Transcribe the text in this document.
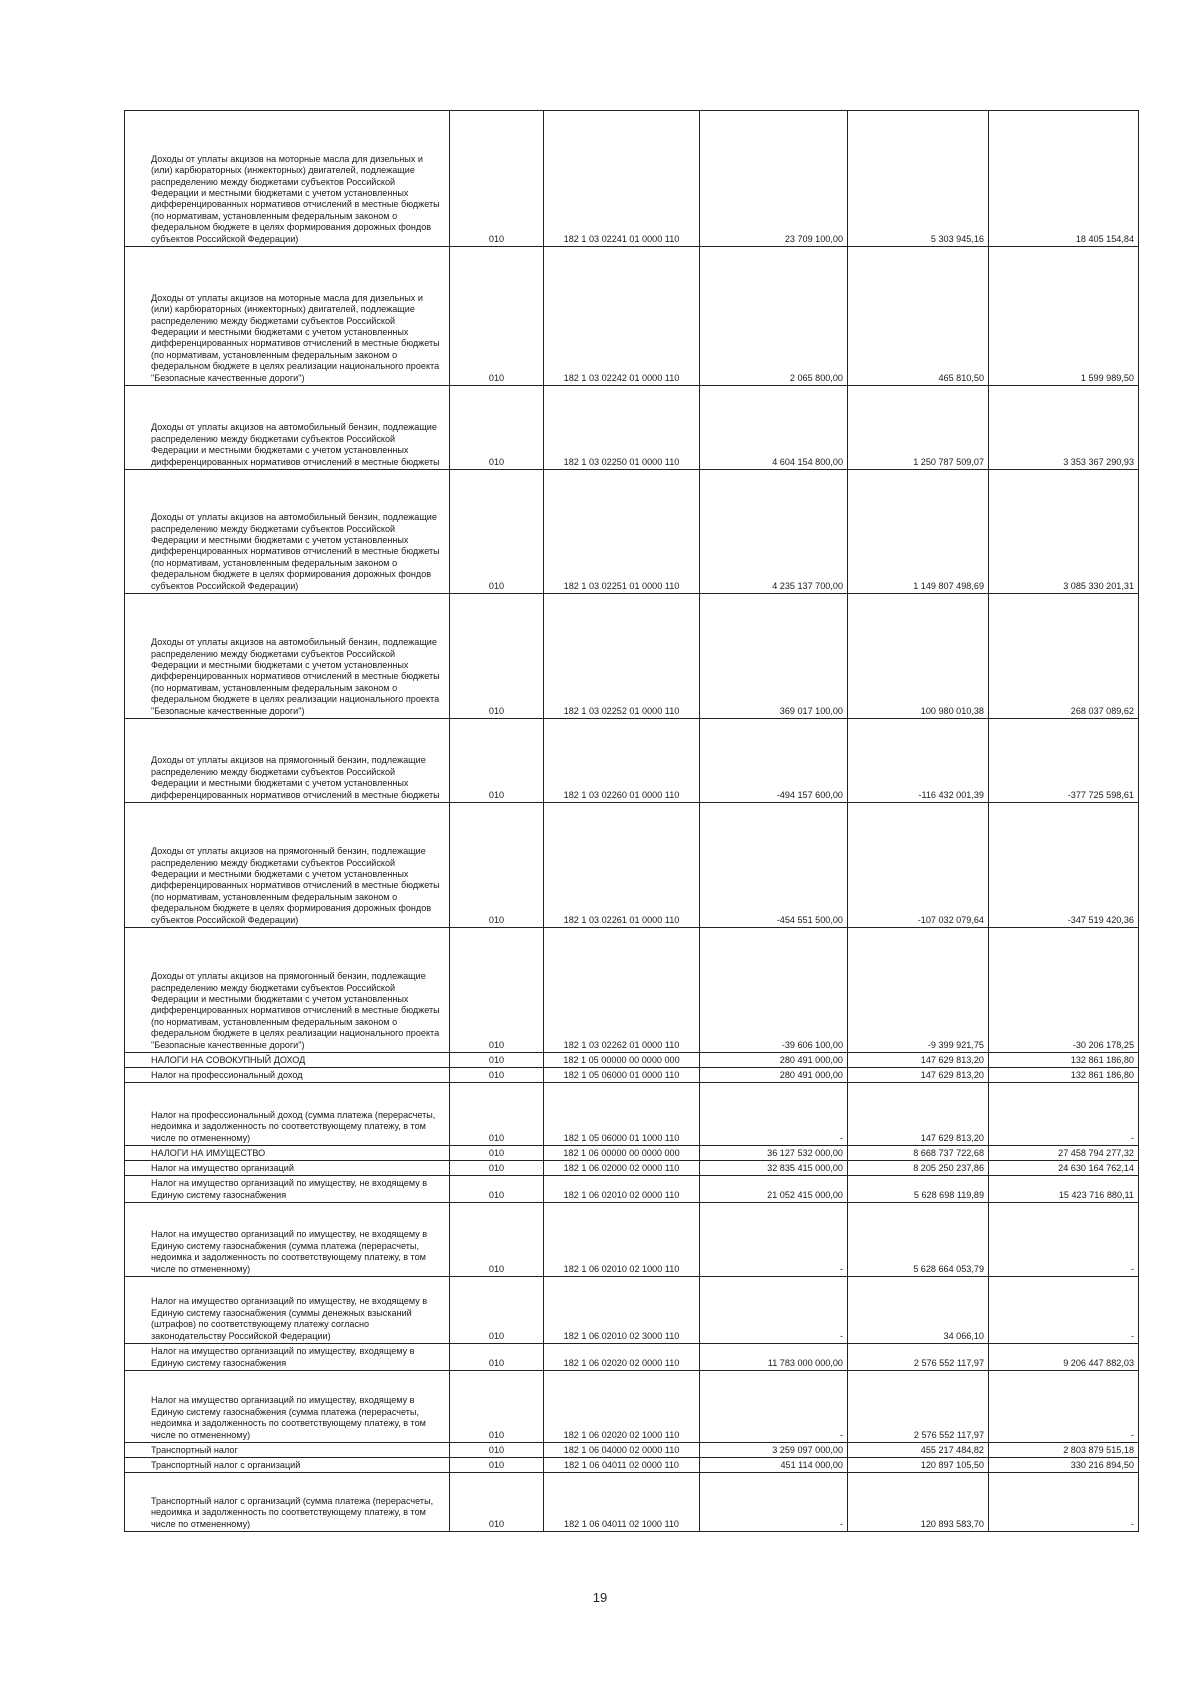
Доходы от уплаты акцизов на моторные масла для дизельных и (или) карбюраторных (инжекторных) двигателей, подлежащие распределению между бюджетами субъектов Российской Федерации и местными бюджетами с учетом установленных дифференцированных нормативов отчислений в местные бюджеты (по нормативам, установленным федеральным законом о федеральном бюджете в целях формирования дорожных фондов субъектов Российской Федерации)	010	182 1 03 02241 01 0000 110	23 709 100,00	5 303 945,16	18 405 154,84

Доходы от уплаты акцизов на моторные масла для дизельных и (или) карбюраторных (инжекторных) двигателей, подлежащие распределению между бюджетами субъектов Российской Федерации и местными бюджетами с учетом установленных дифференцированных нормативов отчислений в местные бюджеты (по нормативам, установленным федеральным законом о федеральном бюджете в целях реализации национального проекта "Безопасные качественные дороги")	010	182 1 03 02242 01 0000 110	2 065 800,00	465 810,50	1 599 989,50

Доходы от уплаты акцизов на автомобильный бензин, подлежащие распределению между бюджетами субъектов Российской Федерации и местными бюджетами с учетом установленных дифференцированных нормативов отчислений в местные бюджеты	010	182 1 03 02250 01 0000 110	4 604 154 800,00	1 250 787 509,07	3 353 367 290,93

Доходы от уплаты акцизов на автомобильный бензин, подлежащие распределению между бюджетами субъектов Российской Федерации и местными бюджетами с учетом установленных дифференцированных нормативов отчислений в местные бюджеты (по нормативам, установленным федеральным законом о федеральном бюджете в целях формирования дорожных фондов субъектов Российской Федерации)	010	182 1 03 02251 01 0000 110	4 235 137 700,00	1 149 807 498,69	3 085 330 201,31

Доходы от уплаты акцизов на автомобильный бензин, подлежащие распределению между бюджетами субъектов Российской Федерации и местными бюджетами с учетом установленных дифференцированных нормативов отчислений в местные бюджеты (по нормативам, установленным федеральным законом о федеральном бюджете в целях реализации национального проекта "Безопасные качественные дороги")	010	182 1 03 02252 01 0000 110	369 017 100,00	100 980 010,38	268 037 089,62

Доходы от уплаты акцизов на прямогонный бензин, подлежащие распределению между бюджетами субъектов Российской Федерации и местными бюджетами с учетом установленных дифференцированных нормативов отчислений в местные бюджеты	010	182 1 03 02260 01 0000 110	-494 157 600,00	-116 432 001,39	-377 725 598,61

Доходы от уплаты акцизов на прямогонный бензин, подлежащие распределению между бюджетами субъектов Российской Федерации и местными бюджетами с учетом установленных дифференцированных нормативов отчислений в местные бюджеты (по нормативам, установленным федеральным законом о федеральном бюджете в целях формирования дорожных фондов субъектов Российской Федерации)	010	182 1 03 02261 01 0000 110	-454 551 500,00	-107 032 079,64	-347 519 420,36

Доходы от уплаты акцизов на прямогонный бензин, подлежащие распределению между бюджетами субъектов Российской Федерации и местными бюджетами с учетом установленных дифференцированных нормативов отчислений в местные бюджеты (по нормативам, установленным федеральным законом о федеральном бюджете в целях реализации национального проекта "Безопасные качественные дороги")	010	182 1 03 02262 01 0000 110	-39 606 100,00	-9 399 921,75	-30 206 178,25

НАЛОГИ НА СОВОКУПНЫЙ ДОХОД	010	182 1 05 00000 00 0000 000	280 491 000,00	147 629 813,20	132 861 186,80

Налог на профессиональный доход	010	182 1 05 06000 01 0000 110	280 491 000,00	147 629 813,20	132 861 186,80

Налог на профессиональный доход (сумма платежа (перерасчеты, недоимка и задолженность по соответствующему платежу, в том числе по отмененному)	010	182 1 05 06000 01 1000 110	-	147 629 813,20	-

НАЛОГИ НА ИМУЩЕСТВО	010	182 1 06 00000 00 0000 000	36 127 532 000,00	8 668 737 722,68	27 458 794 277,32

Налог на имущество организаций	010	182 1 06 02000 02 0000 110	32 835 415 000,00	8 205 250 237,86	24 630 164 762,14

Налог на имущество организаций по имуществу, не входящему в Единую систему газоснабжения	010	182 1 06 02010 02 0000 110	21 052 415 000,00	5 628 698 119,89	15 423 716 880,11

Налог на имущество организаций по имуществу, не входящему в Единую систему газоснабжения (сумма платежа (перерасчеты, недоимка и задолженность по соответствующему платежу, в том числе по отмененному)	010	182 1 06 02010 02 1000 110	-	5 628 664 053,79	-

Налог на имущество организаций по имуществу, не входящему в Единую систему газоснабжения (суммы денежных взысканий (штрафов) по соответствующему платежу согласно законодательству Российской Федерации)	010	182 1 06 02010 02 3000 110	-	34 066,10	-

Налог на имущество организаций по имуществу, входящему в Единую систему газоснабжения	010	182 1 06 02020 02 0000 110	11 783 000 000,00	2 576 552 117,97	9 206 447 882,03

Налог на имущество организаций по имуществу, входящему в Единую систему газоснабжения (сумма платежа (перерасчеты, недоимка и задолженность по соответствующему платежу, в том числе по отмененному)	010	182 1 06 02020 02 1000 110	-	2 576 552 117,97	-

Транспортный налог	010	182 1 06 04000 02 0000 110	3 259 097 000,00	455 217 484,82	2 803 879 515,18

Транспортный налог с организаций	010	182 1 06 04011 02 0000 110	451 114 000,00	120 897 105,50	330 216 894,50

Транспортный налог с организаций (сумма платежа (перерасчеты, недоимка и задолженность по соответствующему платежу, в том числе по отмененному)	010	182 1 06 04011 02 1000 110	-	120 893 583,70	-
19
